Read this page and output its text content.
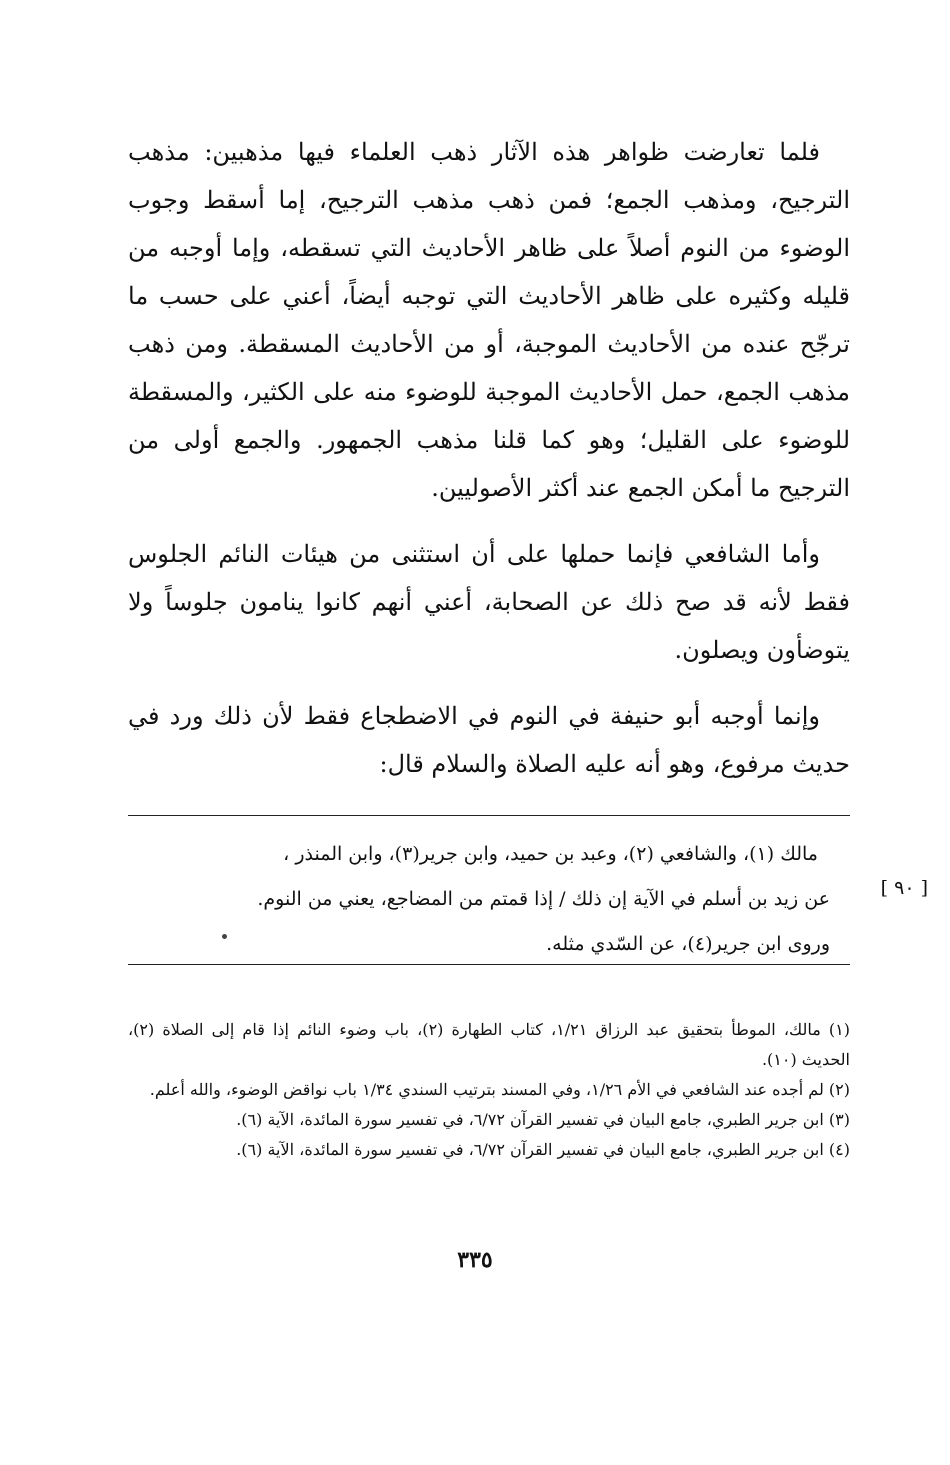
فلما تعارضت ظواهر هذه الآثار ذهب العلماء فيها مذهبين: مذهب الترجيح، ومذهب الجمع؛ فمن ذهب مذهب الترجيح، إما أسقط وجوب الوضوء من النوم أصلاً على ظاهر الأحاديث التي تسقطه، وإما أوجبه من قليله وكثيره على ظاهر الأحاديث التي توجبه أيضاً، أعني على حسب ما ترجّح عنده من الأحاديث الموجبة، أو من الأحاديث المسقطة. ومن ذهب مذهب الجمع، حمل الأحاديث الموجبة للوضوء منه على الكثير، والمسقطة للوضوء على القليل؛ وهو كما قلنا مذهب الجمهور. والجمع أولى من الترجيح ما أمكن الجمع عند أكثر الأصوليين.

وأما الشافعي فإنما حملها على أن استثنى من هيئات النائم الجلوس فقط لأنه قد صح ذلك عن الصحابة، أعني أنهم كانوا ينامون جلوساً ولا يتوضأون ويصلون.

وإنما أوجبه أبو حنيفة في النوم في الاضطجاع فقط لأن ذلك ورد في حديث مرفوع، وهو أنه عليه الصلاة والسلام قال:

مالك (١)، والشافعي (٢)، وعبد بن حميد، وابن جرير(٣)، وابن المنذر ،
عن زيد بن أسلم في الآية إن ذلك / إذا قمتم من المضاجع، يعني من النوم.
وروى ابن جرير(٤)، عن السّدي مثله.
[ ٩٠ ]

(١) مالك، الموطأ بتحقيق عبد الرزاق ١/٢١، كتاب الطهارة (٢)، باب وضوء النائم إذا قام إلى الصلاة (٢)، الحديث (١٠).

(٢) لم أجده عند الشافعي في الأم ١/٢٦، وفي المسند بترتيب السندي ١/٣٤ باب نواقض الوضوء، والله أعلم.

(٣) ابن جرير الطبري، جامع البيان في تفسير القرآن ٦/٧٢، في تفسير سورة المائدة، الآية (٦).

(٤) ابن جرير الطبري، جامع البيان في تفسير القرآن ٦/٧٢، في تفسير سورة المائدة، الآية (٦).

٣٣٥
